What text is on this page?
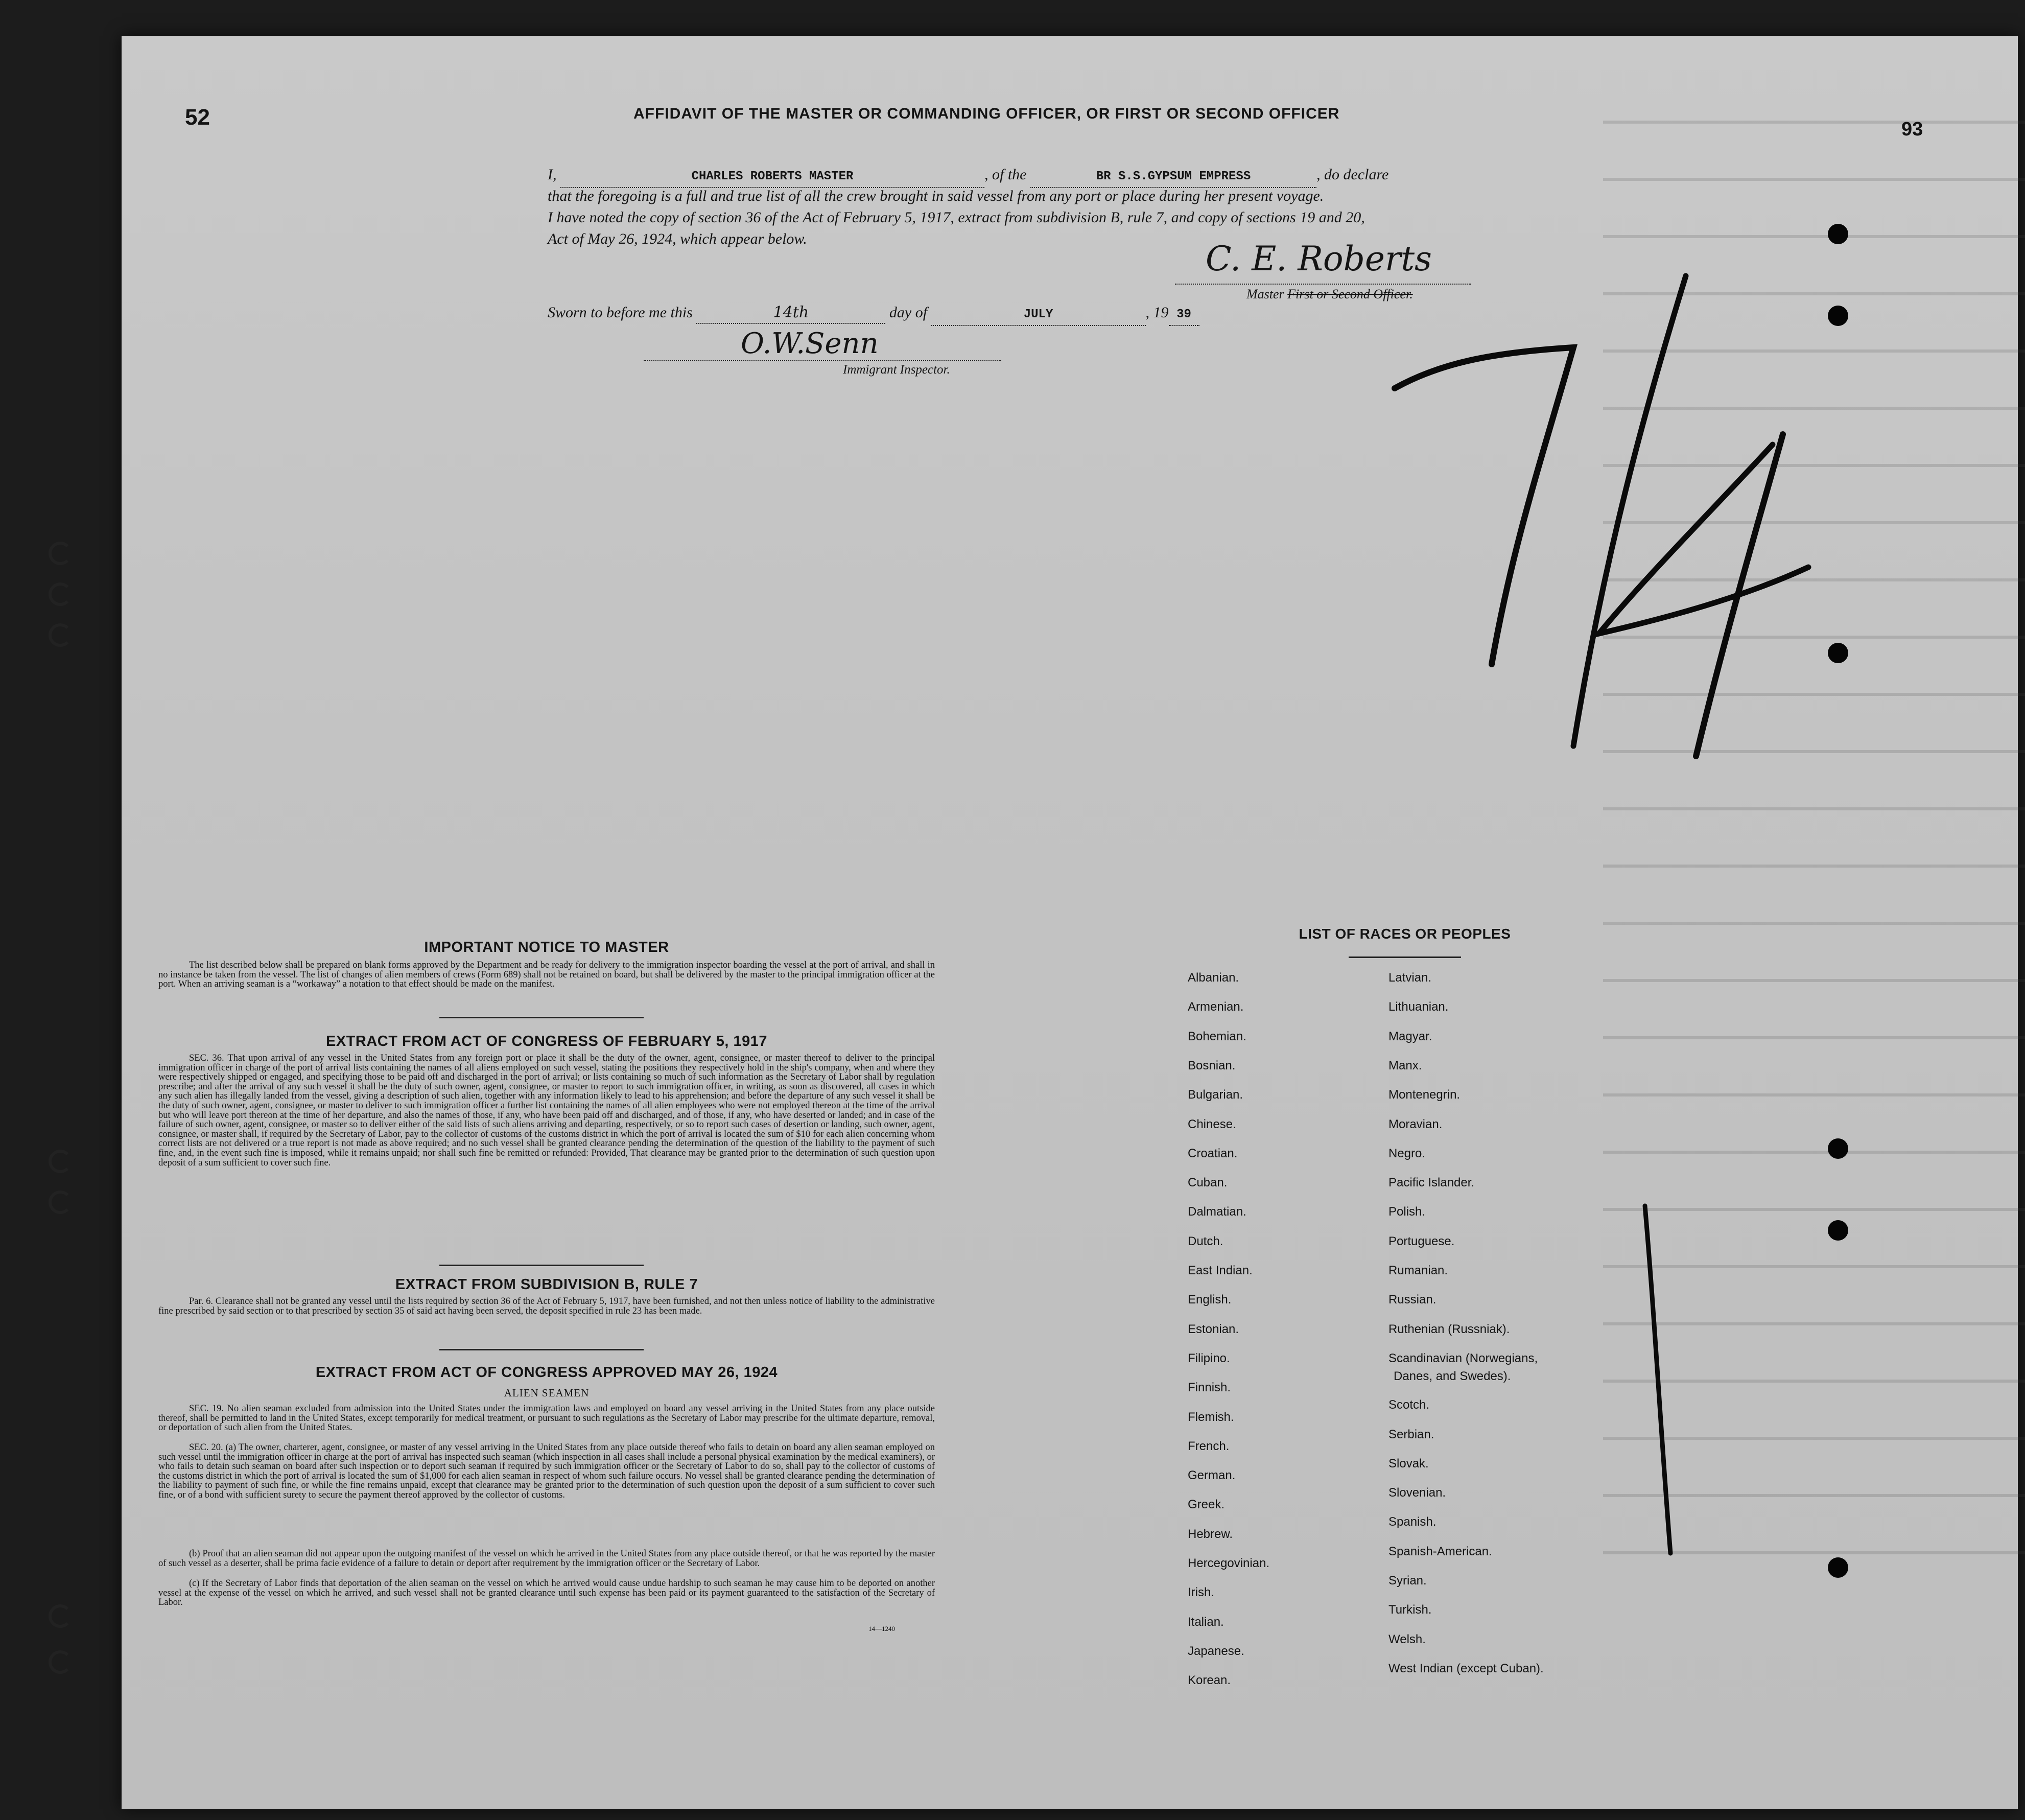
52	93
AFFIDAVIT OF THE MASTER OR COMMANDING OFFICER, OR FIRST OR SECOND OFFICER
I,	CHARLES ROBERTS MASTER	, of the	BR S.S.GYPSUM EMPRESS	, do declare
that the foregoing is a full and true list of all the crew brought in said vessel from any port or place during her present voyage.
I have noted the copy of section 36 of the Act of February 5, 1917, extract from subdivision B, rule 7, and copy of sections 19 and 20,
Act of May 26, 1924, which appear below.
C. E. Roberts
Master First or Second Officer.
Sworn to before me this	14th	day of	JULY	, 19 39
O.W.Senn
Immigrant Inspector.
IMPORTANT NOTICE TO MASTER
The list described below shall be prepared on blank forms approved by the Department and be ready for delivery to the immigration inspector boarding the vessel at the port of arrival, and shall in no instance be taken from the vessel. The list of changes of alien members of crews (Form 689) shall not be retained on board, but shall be delivered by the master to the principal immigration officer at the port. When an arriving seaman is a “workaway” a notation to that effect should be made on the manifest.
EXTRACT FROM ACT OF CONGRESS OF FEBRUARY 5, 1917
SEC. 36. That upon arrival of any vessel in the United States from any foreign port or place it shall be the duty of the owner, agent, consignee, or master thereof to deliver to the principal immigration officer in charge of the port of arrival lists containing the names of all aliens employed on such vessel, stating the positions they respectively hold in the ship's company, when and where they were respectively shipped or engaged, and specifying those to be paid off and discharged in the port of arrival; or lists containing so much of such information as the Secretary of Labor shall by regulation prescribe; and after the arrival of any such vessel it shall be the duty of such owner, agent, consignee, or master to report to such immigration officer, in writing, as soon as discovered, all cases in which any such alien has illegally landed from the vessel, giving a description of such alien, together with any information likely to lead to his apprehension; and before the departure of any such vessel it shall be the duty of such owner, agent, consignee, or master to deliver to such immigration officer a further list containing the names of all alien employees who were not employed thereon at the time of the arrival but who will leave port thereon at the time of her departure, and also the names of those, if any, who have been paid off and discharged, and of those, if any, who have deserted or landed; and in case of the failure of such owner, agent, consignee, or master so to deliver either of the said lists of such aliens arriving and departing, respectively, or so to report such cases of desertion or landing, such owner, agent, consignee, or master shall, if required by the Secretary of Labor, pay to the collector of customs of the customs district in which the port of arrival is located the sum of $10 for each alien concerning whom correct lists are not delivered or a true report is not made as above required; and no such vessel shall be granted clearance pending the determination of the question of the liability to the payment of such fine, and, in the event such fine is imposed, while it remains unpaid; nor shall such fine be remitted or refunded: Provided, That clearance may be granted prior to the determination of such question upon deposit of a sum sufficient to cover such fine.
EXTRACT FROM SUBDIVISION B, RULE 7
Par. 6. Clearance shall not be granted any vessel until the lists required by section 36 of the Act of February 5, 1917, have been furnished, and not then unless notice of liability to the administrative fine prescribed by said section or to that prescribed by section 35 of said act having been served, the deposit specified in rule 23 has been made.
EXTRACT FROM ACT OF CONGRESS APPROVED MAY 26, 1924
ALIEN SEAMEN
SEC. 19. No alien seaman excluded from admission into the United States under the immigration laws and employed on board any vessel arriving in the United States from any place outside thereof, shall be permitted to land in the United States, except temporarily for medical treatment, or pursuant to such regulations as the Secretary of Labor may prescribe for the ultimate departure, removal, or deportation of such alien from the United States.
SEC. 20. (a) The owner, charterer, agent, consignee, or master of any vessel arriving in the United States from any place outside thereof who fails to detain on board any alien seaman employed on such vessel until the immigration officer in charge at the port of arrival has inspected such seaman (which inspection in all cases shall include a personal physical examination by the medical examiners), or who fails to detain such seaman on board after such inspection or to deport such seaman if required by such immigration officer or the Secretary of Labor to do so, shall pay to the collector of customs of the customs district in which the port of arrival is located the sum of $1,000 for each alien seaman in respect of whom such failure occurs. No vessel shall be granted clearance pending the determination of the liability to payment of such fine, or while the fine remains unpaid, except that clearance may be granted prior to the determination of such question upon the deposit of a sum sufficient to cover such fine, or of a bond with sufficient surety to secure the payment thereof approved by the collector of customs.
(b) Proof that an alien seaman did not appear upon the outgoing manifest of the vessel on which he arrived in the United States from any place outside thereof, or that he was reported by the master of such vessel as a deserter, shall be prima facie evidence of a failure to detain or deport after requirement by the immigration officer or the Secretary of Labor.
(c) If the Secretary of Labor finds that deportation of the alien seaman on the vessel on which he arrived would cause undue hardship to such seaman he may cause him to be deported on another vessel at the expense of the vessel on which he arrived, and such vessel shall not be granted clearance until such expense has been paid or its payment guaranteed to the satisfaction of the Secretary of Labor.
14—1240
LIST OF RACES OR PEOPLES
Albanian.
Armenian.
Bohemian.
Bosnian.
Bulgarian.
Chinese.
Croatian.
Cuban.
Dalmatian.
Dutch.
East Indian.
English.
Estonian.
Filipino.
Finnish.
Flemish.
French.
German.
Greek.
Hebrew.
Hercegovinian.
Irish.
Italian.
Japanese.
Korean.
Latvian.
Lithuanian.
Magyar.
Manx.
Montenegrin.
Moravian.
Negro.
Pacific Islander.
Polish.
Portuguese.
Rumanian.
Russian.
Ruthenian (Russniak).
Scandinavian (Norwegians,
Danes, and Swedes).
Scotch.
Serbian.
Slovak.
Slovenian.
Spanish.
Spanish-American.
Syrian.
Turkish.
Welsh.
West Indian (except Cuban).
